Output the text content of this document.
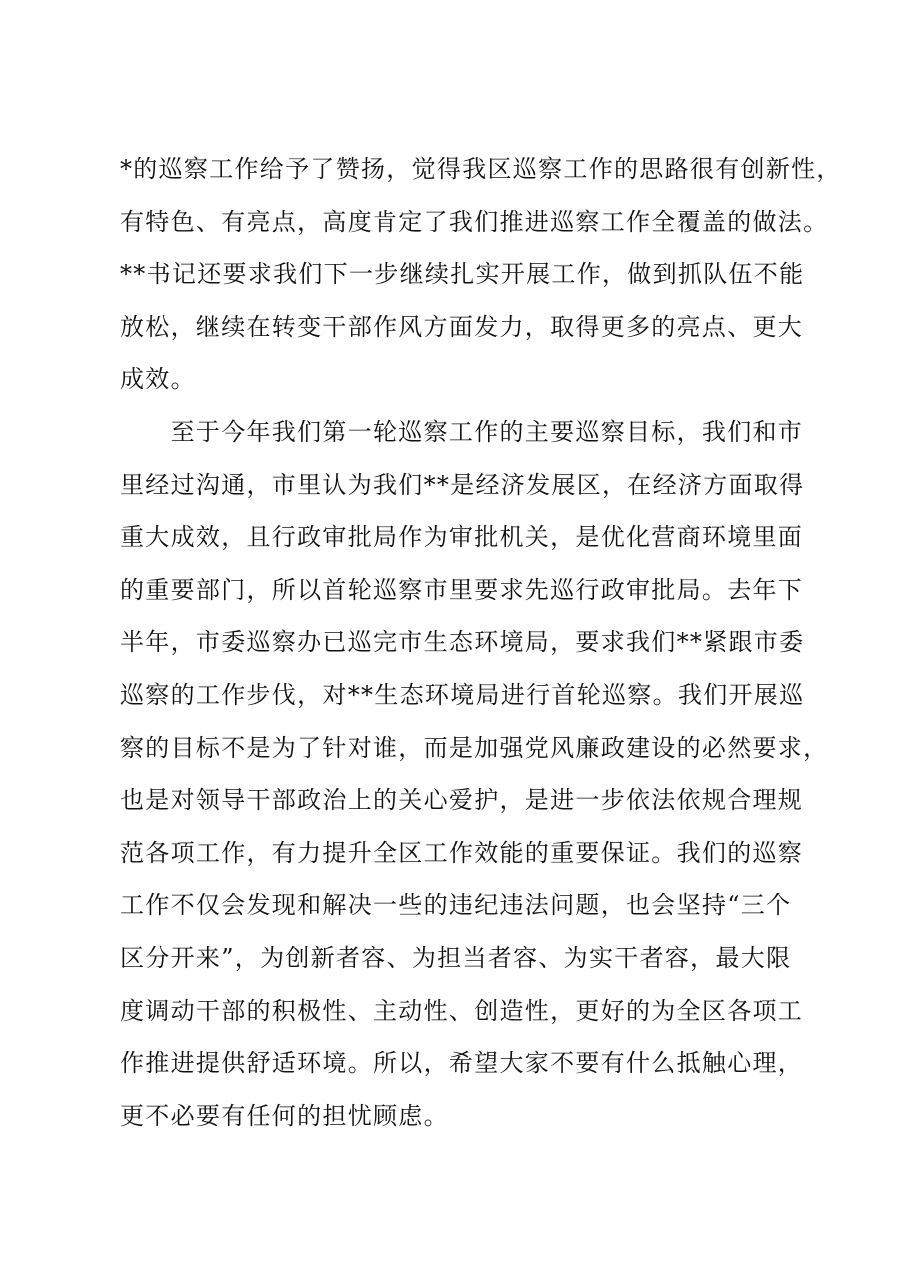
*的巡察工作给予了赞扬，觉得我区巡察工作的思路很有创新性，
有特色、有亮点，高度肯定了我们推进巡察工作全覆盖的做法。
**书记还要求我们下一步继续扎实开展工作，做到抓队伍不能
放松，继续在转变干部作风方面发力，取得更多的亮点、更大
成效。
　　至于今年我们第一轮巡察工作的主要巡察目标，我们和市
里经过沟通，市里认为我们**是经济发展区，在经济方面取得
重大成效，且行政审批局作为审批机关，是优化营商环境里面
的重要部门，所以首轮巡察市里要求先巡行政审批局。去年下
半年，市委巡察办已巡完市生态环境局，要求我们**紧跟市委
巡察的工作步伐，对**生态环境局进行首轮巡察。我们开展巡
察的目标不是为了针对谁，而是加强党风廉政建设的必然要求，
也是对领导干部政治上的关心爱护，是进一步依法依规合理规
范各项工作，有力提升全区工作效能的重要保证。我们的巡察
工作不仅会发现和解决一些的违纪违法问题，也会坚持“三个
区分开来”，为创新者容、为担当者容、为实干者容，最大限
度调动干部的积极性、主动性、创造性，更好的为全区各项工
作推进提供舒适环境。所以，希望大家不要有什么抵触心理，
更不必要有任何的担忧顾虑。
